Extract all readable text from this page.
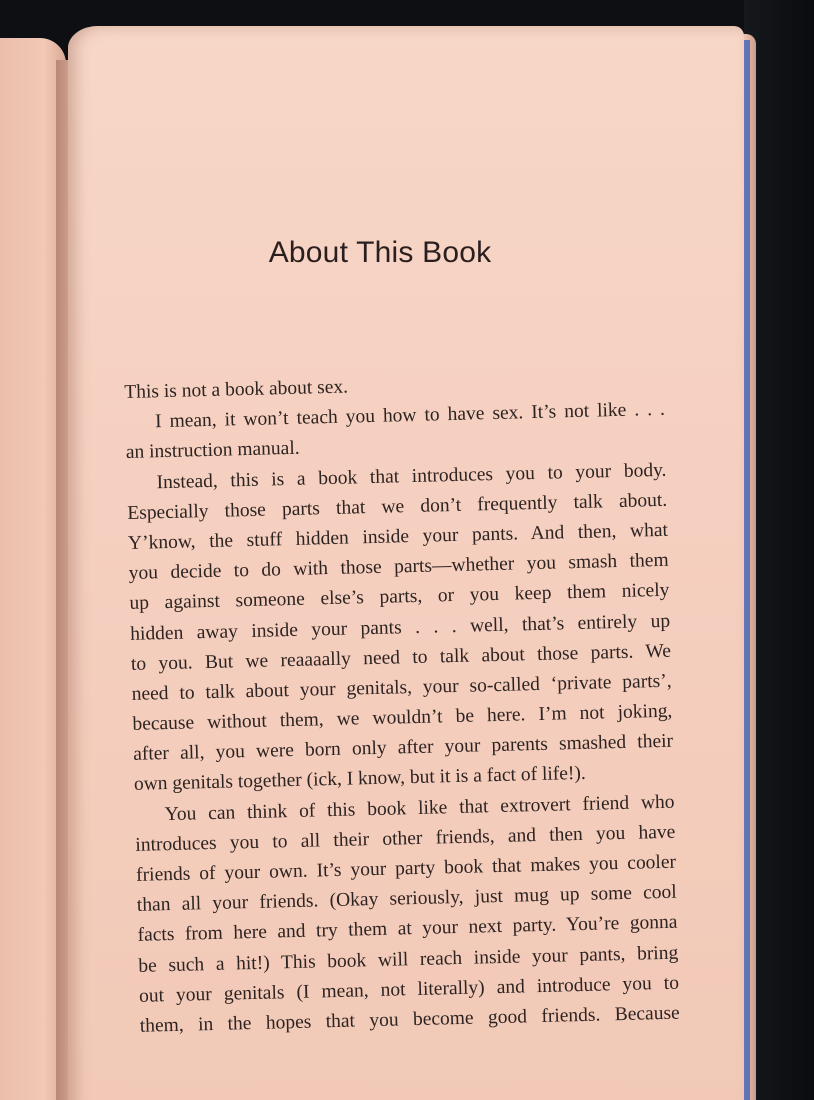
About This Book
This is not a book about sex.
I mean, it won’t teach you how to have sex. It’s not like . . .
an instruction manual.
Instead, this is a book that introduces you to your body.
Especially those parts that we don’t frequently talk about.
Y’know, the stuff hidden inside your pants. And then, what
you decide to do with those parts—whether you smash them
up against someone else’s parts, or you keep them nicely
hidden away inside your pants . . . well, that’s entirely up
to you. But we reaaaally need to talk about those parts. We
need to talk about your genitals, your so-called ‘private parts’,
because without them, we wouldn’t be here. I’m not joking,
after all, you were born only after your parents smashed their
own genitals together (ick, I know, but it is a fact of life!).
You can think of this book like that extrovert friend who
introduces you to all their other friends, and then you have
friends of your own. It’s your party book that makes you cooler
than all your friends. (Okay seriously, just mug up some cool
facts from here and try them at your next party. You’re gonna
be such a hit!) This book will reach inside your pants, bring
out your genitals (I mean, not literally) and introduce you to
them, in the hopes that you become good friends. Because
